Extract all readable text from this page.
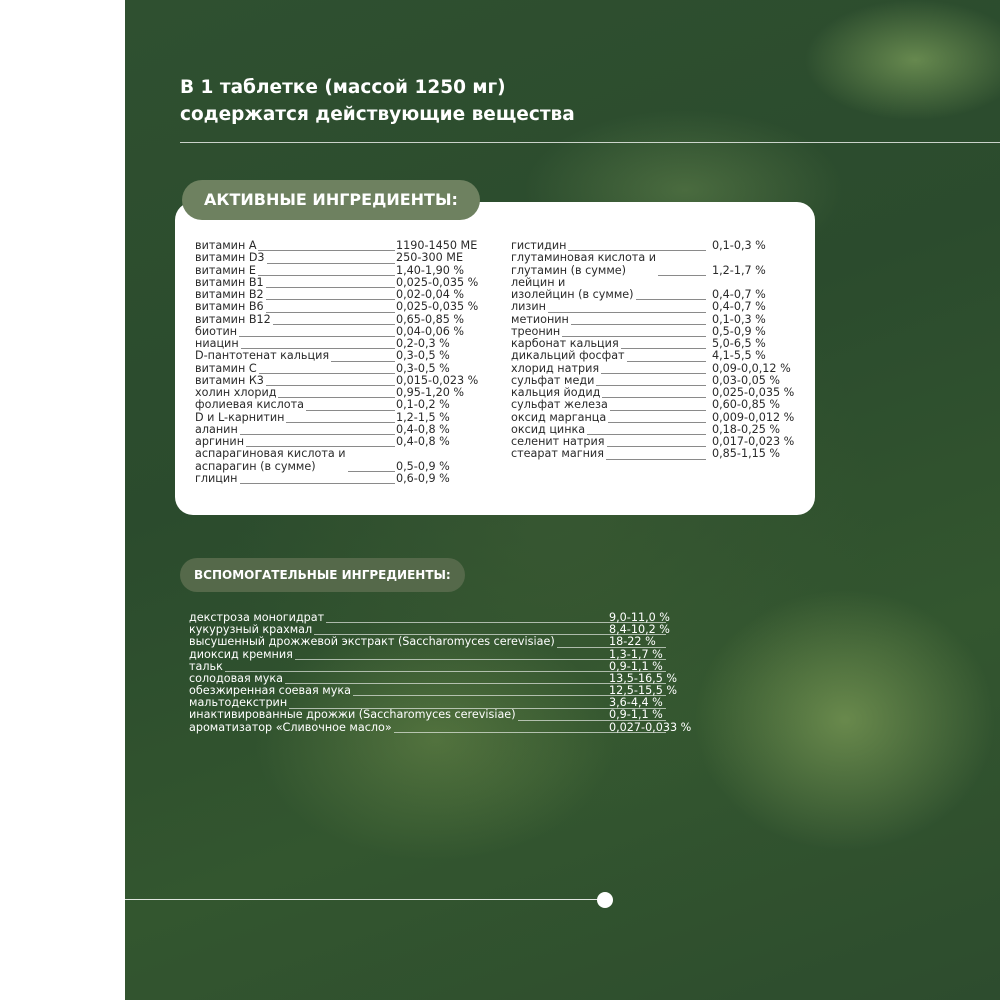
В 1 таблетке (массой 1250 мг)
содержатся действующие вещества
АКТИВНЫЕ ИНГРЕДИЕНТЫ:
витамин А	1190-1450 МЕ
витамин D3	250-300 МЕ
витамин Е	1,40-1,90 %
витамин В1	0,025-0,035 %
витамин В2	0,02-0,04 %
витамин В6	0,025-0,035 %
витамин В12	0,65-0,85 %
биотин	0,04-0,06 %
ниацин	0,2-0,3 %
D-пантотенат кальция	0,3-0,5 %
витамин С	0,3-0,5 %
витамин К3	0,015-0,023 %
холин хлорид	0,95-1,20 %
фолиевая кислота	0,1-0,2 %
D и L-карнитин	1,2-1,5 %
аланин	0,4-0,8 %
аргинин	0,4-0,8 %
аспарагиновая кислота и
аспарагин (в сумме)	0,5-0,9 %
глицин	0,6-0,9 %
гистидин	0,1-0,3 %
глутаминовая кислота и
глутамин (в сумме)	1,2-1,7 %
лейцин и
изолейцин (в сумме)	0,4-0,7 %
лизин	0,4-0,7 %
метионин	0,1-0,3 %
треонин	0,5-0,9 %
карбонат кальция	5,0-6,5 %
дикальций фосфат	4,1-5,5 %
хлорид натрия	0,09-0,0,12 %
сульфат меди	0,03-0,05 %
кальция йодид	0,025-0,035 %
сульфат железа	0,60-0,85 %
оксид марганца	0,009-0,012 %
оксид цинка	0,18-0,25 %
селенит натрия	0,017-0,023 %
стеарат магния	0,85-1,15 %
ВСПОМОГАТЕЛЬНЫЕ ИНГРЕДИЕНТЫ:
декстроза моногидрат	9,0-11,0 %
кукурузный крахмал	8,4-10,2 %
высушенный дрожжевой экстракт (Saccharomyces cerevisiae)	18-22 %
диоксид кремния	1,3-1,7 %
тальк	0,9-1,1 %
солодовая мука	13,5-16,5 %
обезжиренная соевая мука	12,5-15,5 %
мальтодекстрин	3,6-4,4 %
инактивированные дрожжи (Saccharomyces cerevisiae)	0,9-1,1 %
ароматизатор «Сливочное масло»	0,027-0,033 %
